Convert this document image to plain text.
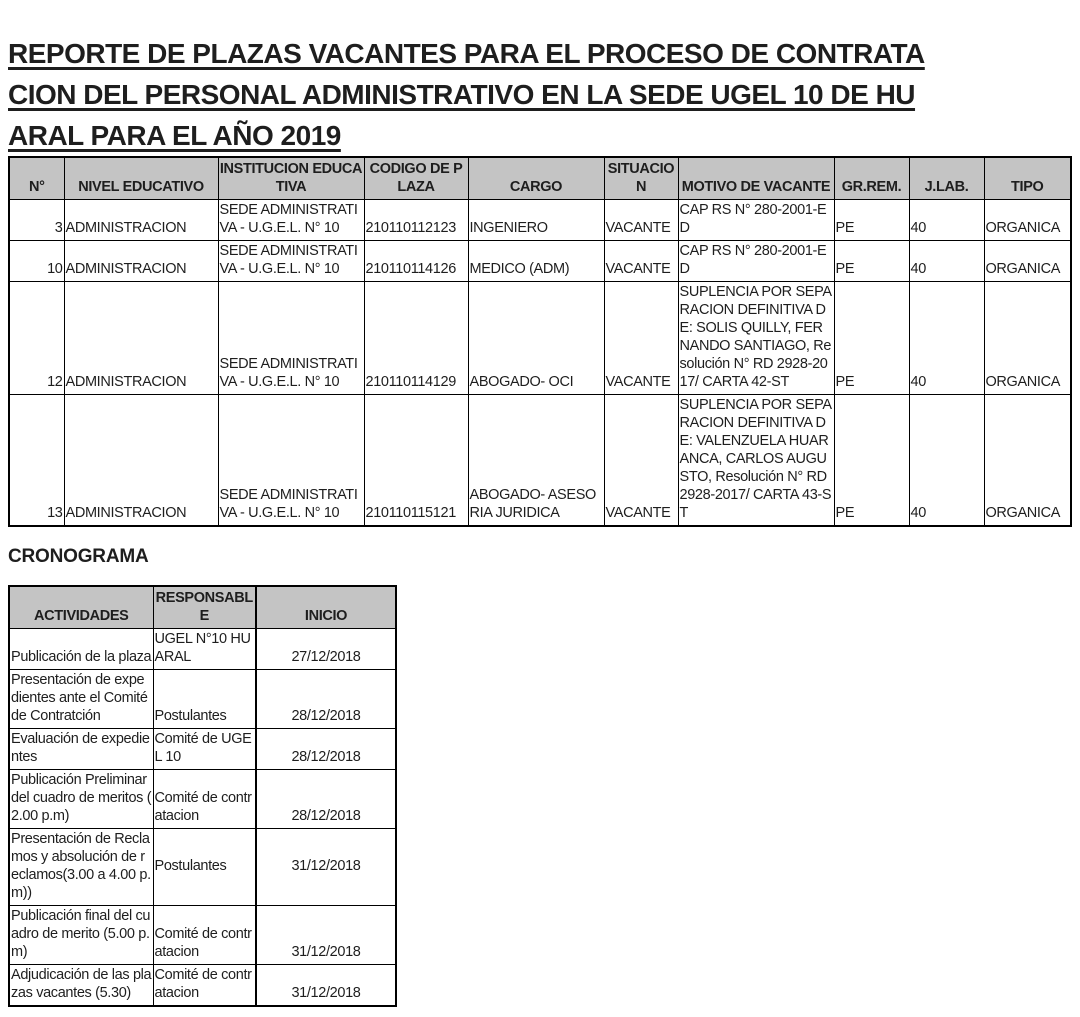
REPORTE DE PLAZAS VACANTES PARA EL PROCESO DE CONTRATA
CION DEL PERSONAL ADMINISTRATIVO EN LA SEDE UGEL 10 DE HU
ARAL PARA EL AÑO 2019
N°	NIVEL EDUCATIVO	INSTITUCION EDUCATIVA	CODIGO DE PLAZA	CARGO	SITUACION	MOTIVO DE VACANTE	GR.REM.	J.LAB.	TIPO
3	ADMINISTRACION	SEDE ADMINISTRATIVA - U.G.E.L. N° 10	210110112123	INGENIERO	VACANTE	CAP RS N° 280-2001-ED	PE	40	ORGANICA
10	ADMINISTRACION	SEDE ADMINISTRATIVA - U.G.E.L. N° 10	210110114126	MEDICO (ADM)	VACANTE	CAP RS N° 280-2001-ED	PE	40	ORGANICA
12	ADMINISTRACION	SEDE ADMINISTRATIVA - U.G.E.L. N° 10	210110114129	ABOGADO- OCI	VACANTE	SUPLENCIA POR SEPARACION DEFINITIVA DE: SOLIS QUILLY, FERNANDO SANTIAGO, Resolución N° RD 2928-2017/ CARTA 42-ST	PE	40	ORGANICA
13	ADMINISTRACION	SEDE ADMINISTRATIVA - U.G.E.L. N° 10	210110115121	ABOGADO- ASESORIA JURIDICA	VACANTE	SUPLENCIA POR SEPARACION DEFINITIVA DE: VALENZUELA HUARANCA, CARLOS AUGUSTO, Resolución N° RD 2928-2017/ CARTA 43-ST	PE	40	ORGANICA
CRONOGRAMA
ACTIVIDADES	RESPONSABLE	INICIO
Publicación de la plaza	UGEL N°10 HUARAL	27/12/2018
Presentación de expedientes ante el Comité de Contratción	Postulantes	28/12/2018
Evaluación de expedientes	Comité de UGEL 10	28/12/2018
Publicación Preliminar del cuadro de meritos ( 2.00 p.m)	Comité de contratacion	28/12/2018
Presentación de Reclamos y absolución de reclamos(3.00 a 4.00 p.m))	Postulantes	31/12/2018
Publicación final del cuadro de merito (5.00 p.m)	Comité de contratacion	31/12/2018
Adjudicación de las plazas vacantes (5.30)	Comité de contratacion	31/12/2018
